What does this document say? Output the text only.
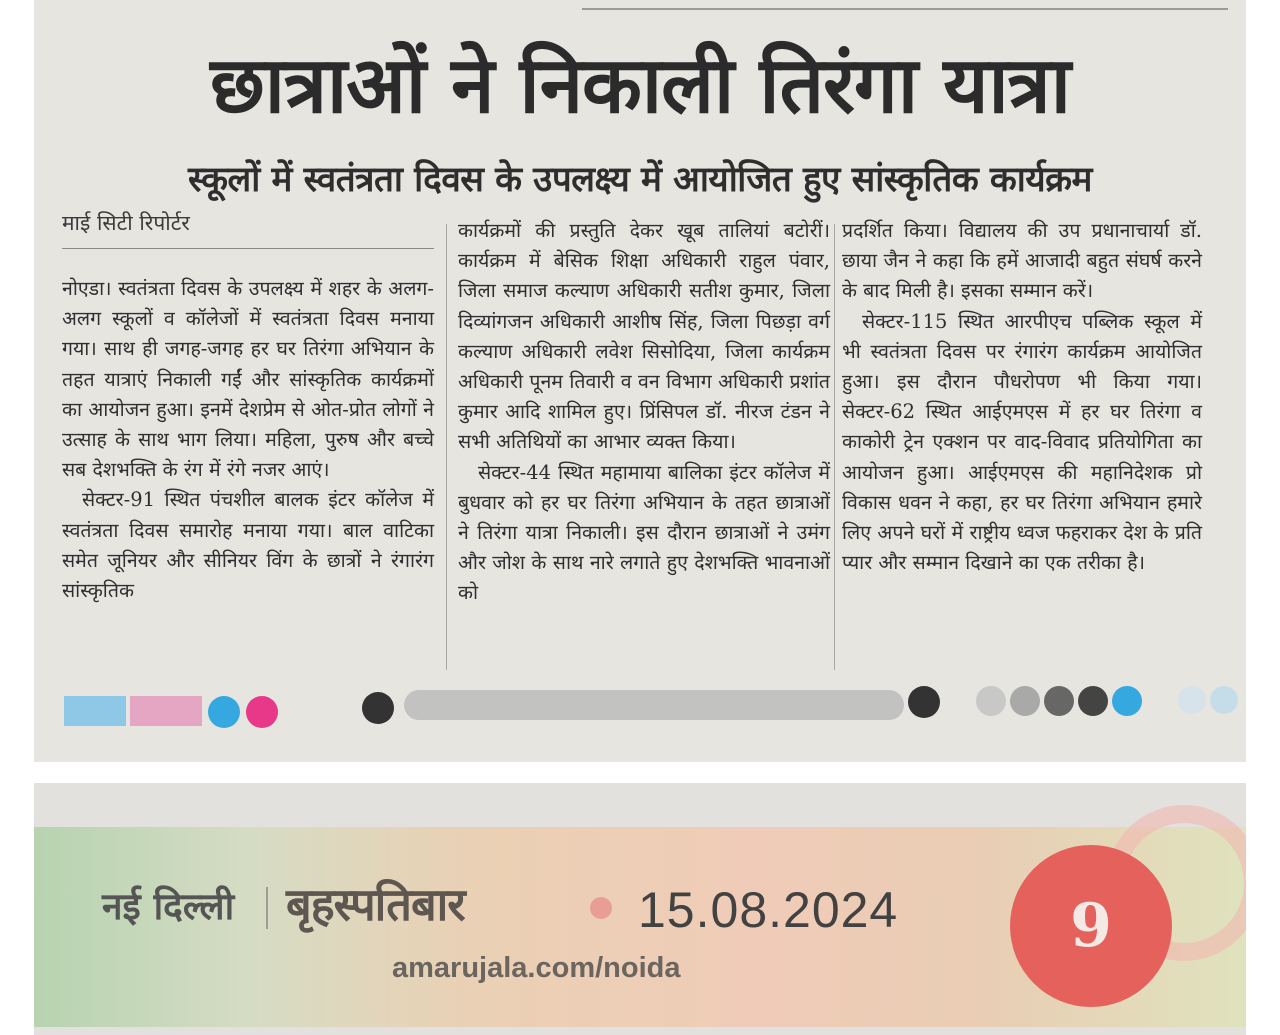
छात्राओं ने निकाली तिरंगा यात्रा
स्कूलों में स्वतंत्रता दिवस के उपलक्ष्य में आयोजित हुए सांस्कृतिक कार्यक्रम
माई सिटी रिपोर्टर

नोएडा। स्वतंत्रता दिवस के उपलक्ष्य में शहर के अलग-अलग स्कूलों व कॉलेजों में स्वतंत्रता दिवस मनाया गया। साथ ही जगह-जगह हर घर तिरंगा अभियान के तहत यात्राएं निकाली गईं और सांस्कृतिक कार्यक्रमों का आयोजन हुआ। इनमें देशप्रेम से ओत-प्रोत लोगों ने उत्साह के साथ भाग लिया। महिला, पुरुष और बच्चे सब देशभक्ति के रंग में रंगे नजर आएं।

सेक्टर-91 स्थित पंचशील बालक इंटर कॉलेज में स्वतंत्रता दिवस समारोह मनाया गया। बाल वाटिका समेत जूनियर और सीनियर विंग के छात्रों ने रंगारंग सांस्कृतिक

कार्यक्रमों की प्रस्तुति देकर खूब तालियां बटोरीं। कार्यक्रम में बेसिक शिक्षा अधिकारी राहुल पंवार, जिला समाज कल्याण अधिकारी सतीश कुमार, जिला दिव्यांगजन अधिकारी आशीष सिंह, जिला पिछड़ा वर्ग कल्याण अधिकारी लवेश सिसोदिया, जिला कार्यक्रम अधिकारी पूनम तिवारी व वन विभाग अधिकारी प्रशांत कुमार आदि शामिल हुए। प्रिंसिपल डॉ. नीरज टंडन ने सभी अतिथियों का आभार व्यक्त किया।

सेक्टर-44 स्थित महामाया बालिका इंटर कॉलेज में बुधवार को हर घर तिरंगा अभियान के तहत छात्राओं ने तिरंगा यात्रा निकाली। इस दौरान छात्राओं ने उमंग और जोश के साथ नारे लगाते हुए देशभक्ति भावनाओं को

प्रदर्शित किया। विद्यालय की उप प्रधानाचार्या डॉ. छाया जैन ने कहा कि हमें आजादी बहुत संघर्ष करने के बाद मिली है। इसका सम्मान करें।

सेक्टर-115 स्थित आरपीएच पब्लिक स्कूल में भी स्वतंत्रता दिवस पर रंगारंग कार्यक्रम आयोजित हुआ। इस दौरान पौधरोपण भी किया गया। सेक्टर-62 स्थित आईएमएस में हर घर तिरंगा व काकोरी ट्रेन एक्शन पर वाद-विवाद प्रतियोगिता का आयोजन हुआ। आईएमएस की महानिदेशक प्रो विकास धवन ने कहा, हर घर तिरंगा अभियान हमारे लिए अपने घरों में राष्ट्रीय ध्वज फहराकर देश के प्रति प्यार और सम्मान दिखाने का एक तरीका है।

नई दिल्ली बृहस्पतिबार	15.08.2024
amarujala.com/noida
9
